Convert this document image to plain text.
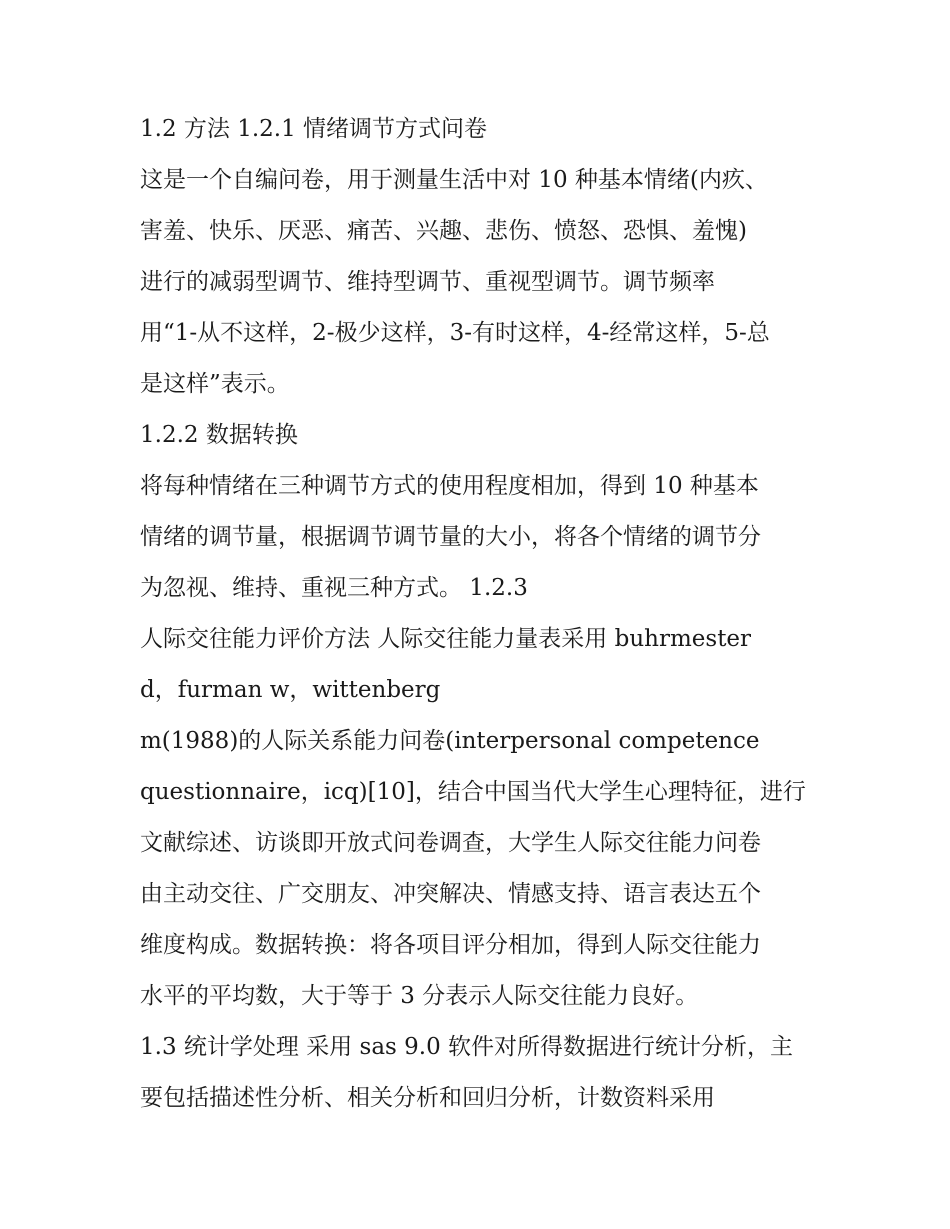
1.2 方法 1.2.1 情绪调节方式问卷
这是一个自编问卷，用于测量生活中对 10 种基本情绪(内疚、
害羞、快乐、厌恶、痛苦、兴趣、悲伤、愤怒、恐惧、羞愧)
进行的减弱型调节、维持型调节、重视型调节。调节频率
用“1-从不这样，2-极少这样，3-有时这样，4-经常这样，5-总
是这样”表示。
1.2.2 数据转换
将每种情绪在三种调节方式的使用程度相加，得到 10 种基本
情绪的调节量，根据调节调节量的大小，将各个情绪的调节分
为忽视、维持、重视三种方式。 1.2.3
人际交往能力评价方法 人际交往能力量表采用 buhrmester
d，furman w，wittenberg
m(1988)的人际关系能力问卷(interpersonal competence
questionnaire，icq)[10]，结合中国当代大学生心理特征，进行
文献综述、访谈即开放式问卷调查，大学生人际交往能力问卷
由主动交往、广交朋友、冲突解决、情感支持、语言表达五个
维度构成。数据转换：将各项目评分相加，得到人际交往能力
水平的平均数，大于等于 3 分表示人际交往能力良好。
1.3 统计学处理 采用 sas 9.0 软件对所得数据进行统计分析，主
要包括描述性分析、相关分析和回归分析，计数资料采用
